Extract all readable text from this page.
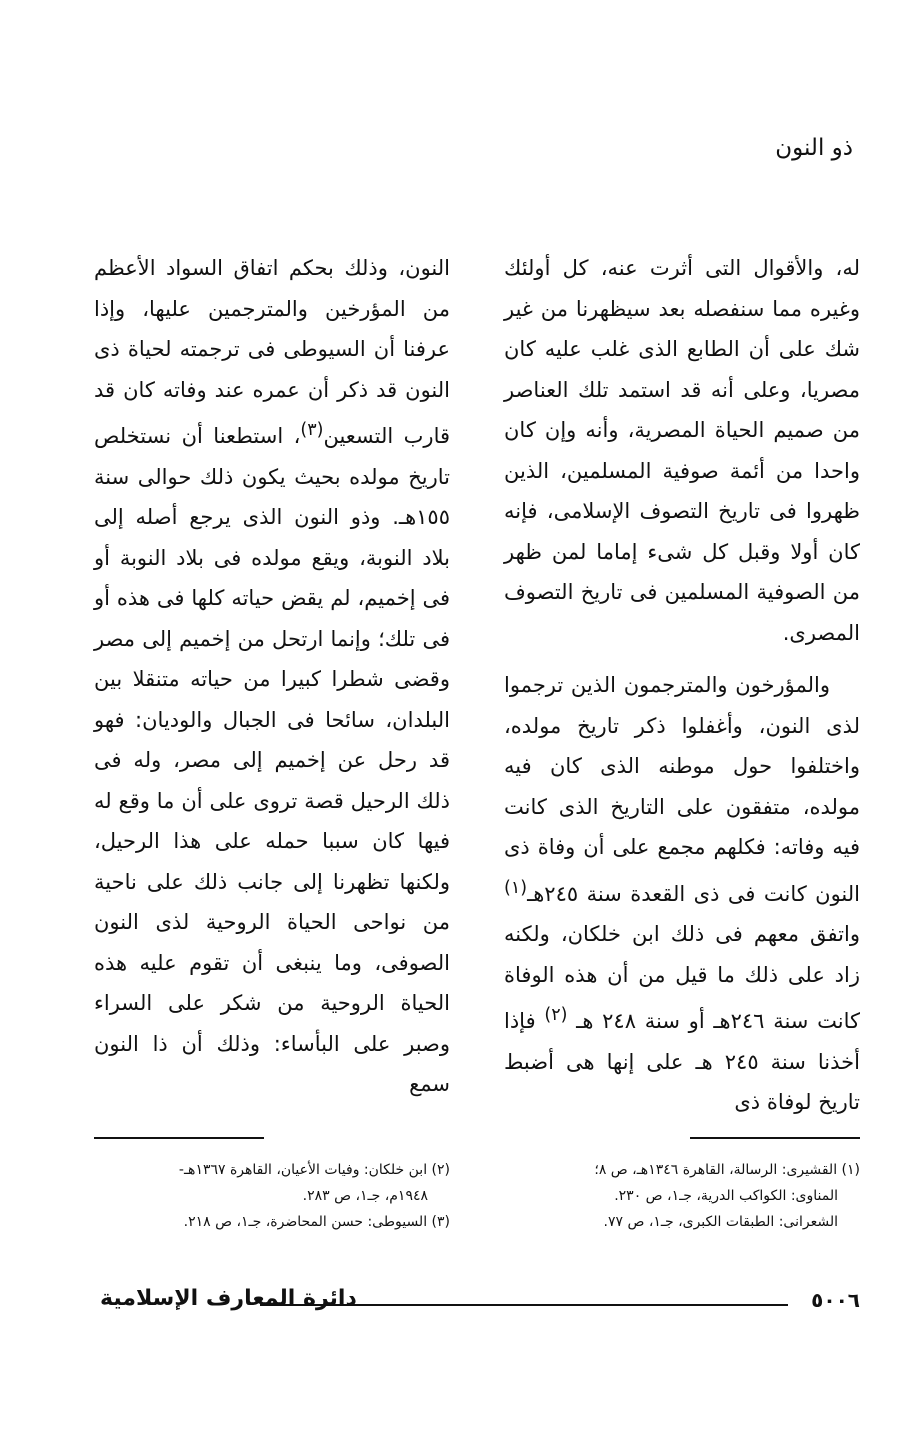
ذو النون

له، والأقوال التى أثرت عنه، كل أولئك وغيره مما سنفصله بعد سيظهرنا من غير شك على أن الطابع الذى غلب عليه كان مصريا، وعلى أنه قد استمد تلك العناصر من صميم الحياة المصرية، وأنه وإن كان واحدا من أئمة صوفية المسلمين، الذين ظهروا فى تاريخ التصوف الإسلامى، فإنه كان أولا وقبل كل شىء إماما لمن ظهر من الصوفية المسلمين فى تاريخ التصوف المصرى.

والمؤرخون والمترجمون الذين ترجموا لذى النون، وأغفلوا ذكر تاريخ مولده، واختلفوا حول موطنه الذى كان فيه مولده، متفقون على التاريخ الذى كانت فيه وفاته: فكلهم مجمع على أن وفاة ذى النون كانت فى ذى القعدة سنة ٢٤٥هـ$^{(١)}$ واتفق معهم فى ذلك ابن خلكان، ولكنه زاد على ذلك ما قيل من أن هذه الوفاة كانت سنة ٢٤٦هـ أو سنة ٢٤٨ هـ $^{(٢)}$ فإذا أخذنا سنة ٢٤٥ هـ على إنها هى أضبط تاريخ لوفاة ذى

النون، وذلك بحكم اتفاق السواد الأعظم من المؤرخين والمترجمين عليها، وإذا عرفنا أن السيوطى فى ترجمته لحياة ذى النون قد ذكر أن عمره عند وفاته كان قد قارب التسعين$^{(٣)}$، استطعنا أن نستخلص تاريخ مولده بحيث يكون ذلك حوالى سنة ١٥٥هـ. وذو النون الذى يرجع أصله إلى بلاد النوبة، ويقع مولده فى بلاد النوبة أو فى إخميم، لم يقض حياته كلها فى هذه أو فى تلك؛ وإنما ارتحل من إخميم إلى مصر وقضى شطرا كبيرا من حياته متنقلا بين البلدان، سائحا فى الجبال والوديان: فهو قد رحل عن إخميم إلى مصر، وله فى ذلك الرحيل قصة تروى على أن ما وقع له فيها كان سببا حمله على هذا الرحيل، ولكنها تظهرنا إلى جانب ذلك على ناحية من نواحى الحياة الروحية لذى النون الصوفى، وما ينبغى أن تقوم عليه هذه الحياة الروحية من شكر على السراء وصبر على البأساء: وذلك أن ذا النون سمع

(١) القشيرى: الرسالة، القاهرة ١٣٤٦هـ، ص ٨؛
المناوى: الكواكب الدرية، جـ١، ص ٢٣٠.
الشعرانى: الطبقات الكبرى، جـ١، ص ٧٧.
(٢) ابن خلكان: وفيات الأعيان، القاهرة ١٣٦٧هـ-
١٩٤٨م، جـ١، ص ٢٨٣.
(٣) السيوطى: حسن المحاضرة، جـ١، ص ٢١٨.
٥٠٠٦
دائرة المعارف الإسلامية
